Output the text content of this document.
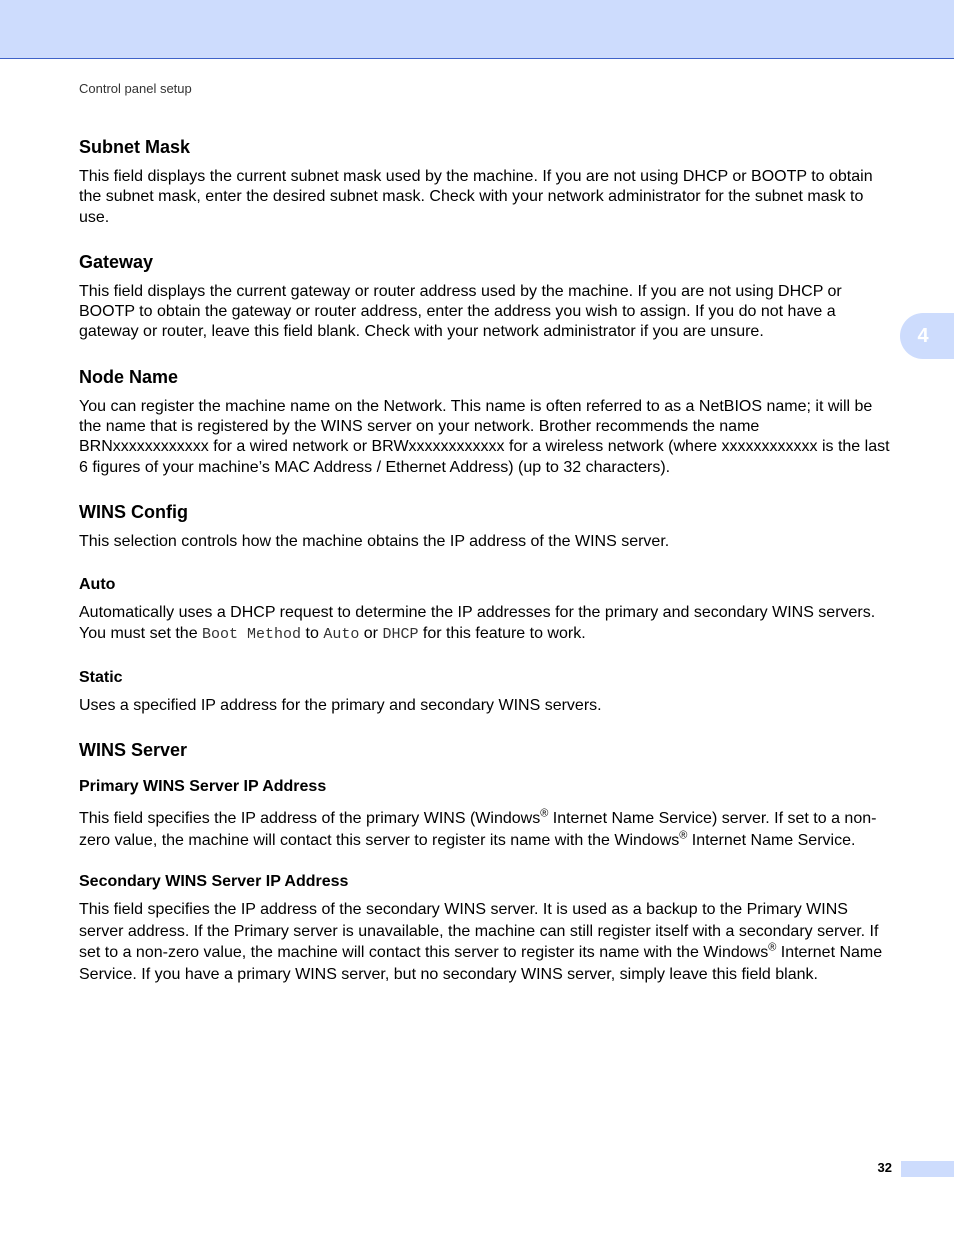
Control panel setup
4
Subnet Mask

This field displays the current subnet mask used by the machine. If you are not using DHCP or BOOTP to obtain the subnet mask, enter the desired subnet mask. Check with your network administrator for the subnet mask to use.

Gateway

This field displays the current gateway or router address used by the machine. If you are not using DHCP or BOOTP to obtain the gateway or router address, enter the address you wish to assign. If you do not have a gateway or router, leave this field blank. Check with your network administrator if you are unsure.

Node Name

You can register the machine name on the Network. This name is often referred to as a NetBIOS name; it will be the name that is registered by the WINS server on your network. Brother recommends the name BRNxxxxxxxxxxxx for a wired network or BRWxxxxxxxxxxxx for a wireless network (where xxxxxxxxxxxx is the last 6 figures of your machine’s MAC Address / Ethernet Address) (up to 32 characters).

WINS Config

This selection controls how the machine obtains the IP address of the WINS server.

Auto

Automatically uses a DHCP request to determine the IP addresses for the primary and secondary WINS servers. You must set the Boot Method to Auto or DHCP for this feature to work.

Static

Uses a specified IP address for the primary and secondary WINS servers.

WINS Server
Primary WINS Server IP Address

This field specifies the IP address of the primary WINS (Windows® Internet Name Service) server. If set to a non-zero value, the machine will contact this server to register its name with the Windows® Internet Name Service.

Secondary WINS Server IP Address

This field specifies the IP address of the secondary WINS server. It is used as a backup to the Primary WINS server address. If the Primary server is unavailable, the machine can still register itself with a secondary server. If set to a non-zero value, the machine will contact this server to register its name with the Windows® Internet Name Service. If you have a primary WINS server, but no secondary WINS server, simply leave this field blank.

32
